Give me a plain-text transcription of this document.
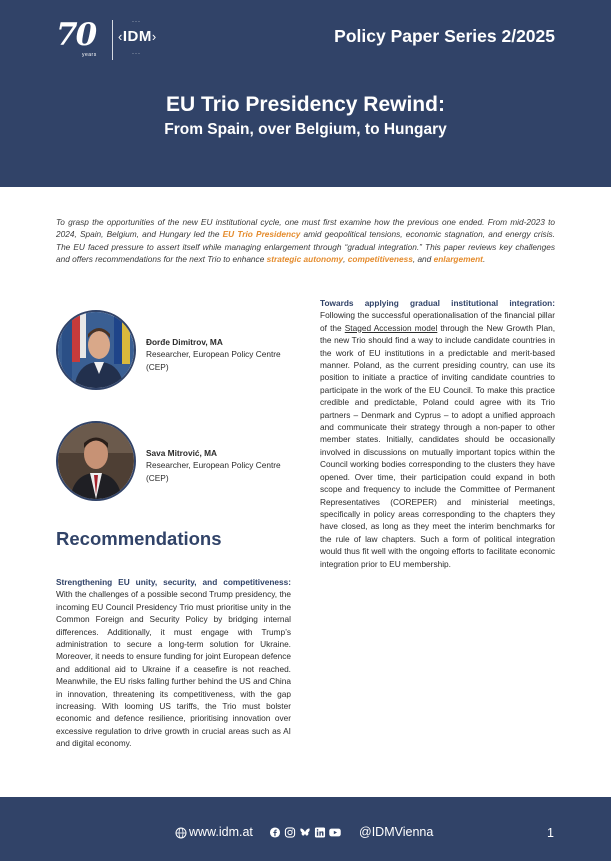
70
years
···
‹IDM›
···
Policy Paper Series 2/2025
EU Trio Presidency Rewind:
From Spain, over Belgium, to Hungary
To grasp the opportunities of the new EU institutional cycle, one must first examine how the previous one ended. From mid-2023 to 2024, Spain, Belgium, and Hungary led the EU Trio Presidency amid geopolitical tensions, economic stagnation, and energy crisis. The EU faced pressure to assert itself while managing enlargement through “gradual integration.” This paper reviews key challenges and offers recommendations for the next Trio to enhance strategic autonomy, competitiveness, and enlargement.
Đorđe Dimitrov, MA
Researcher, European Policy Centre (CEP)
Sava Mitrović, MA
Researcher, European Policy Centre (CEP)
Recommendations
Strengthening EU unity, security, and competitiveness: With the challenges of a possible second Trump presidency, the incoming EU Council Presidency Trio must prioritise unity in the Common Foreign and Security Policy by bridging internal differences. Additionally, it must engage with Trump’s administration to secure a long-term solution for Ukraine. Moreover, it needs to ensure funding for joint European defence and additional aid to Ukraine if a ceasefire is not reached. Meanwhile, the EU risks falling further behind the US and China in innovation, threatening its competitiveness, with the gap increasing. With looming US tariffs, the Trio must bolster economic and defence resilience, prioritising innovation over excessive regulation to drive growth in crucial areas such as AI and digital economy.
Towards applying gradual institutional integration: Following the successful operationalisation of the financial pillar of the Staged Accession model through the New Growth Plan, the new Trio should find a way to include candidate countries in the work of EU institutions in a predictable and merit-based manner. Poland, as the current presiding country, can use its position to initiate a practice of inviting candidate countries to participate in the work of the EU Council. To make this practice credible and predictable, Poland could agree with its Trio partners – Denmark and Cyprus – to adopt a unified approach and communicate their strategy through a non-paper to other member states. Initially, candidates should be occasionally involved in discussions on mutually important topics within the Council working bodies corresponding to the clusters they have opened. Over time, their participation could expand in both scope and frequency to include the Committee of Permanent Representatives (COREPER) and ministerial meetings, specifically in policy areas corresponding to the chapters they have closed, as long as they meet the interim benchmarks for the rule of law chapters. Such a form of political integration would thus fit well with the ongoing efforts to facilitate economic integration prior to EU membership.
www.idm.at	@IDMVienna	1
